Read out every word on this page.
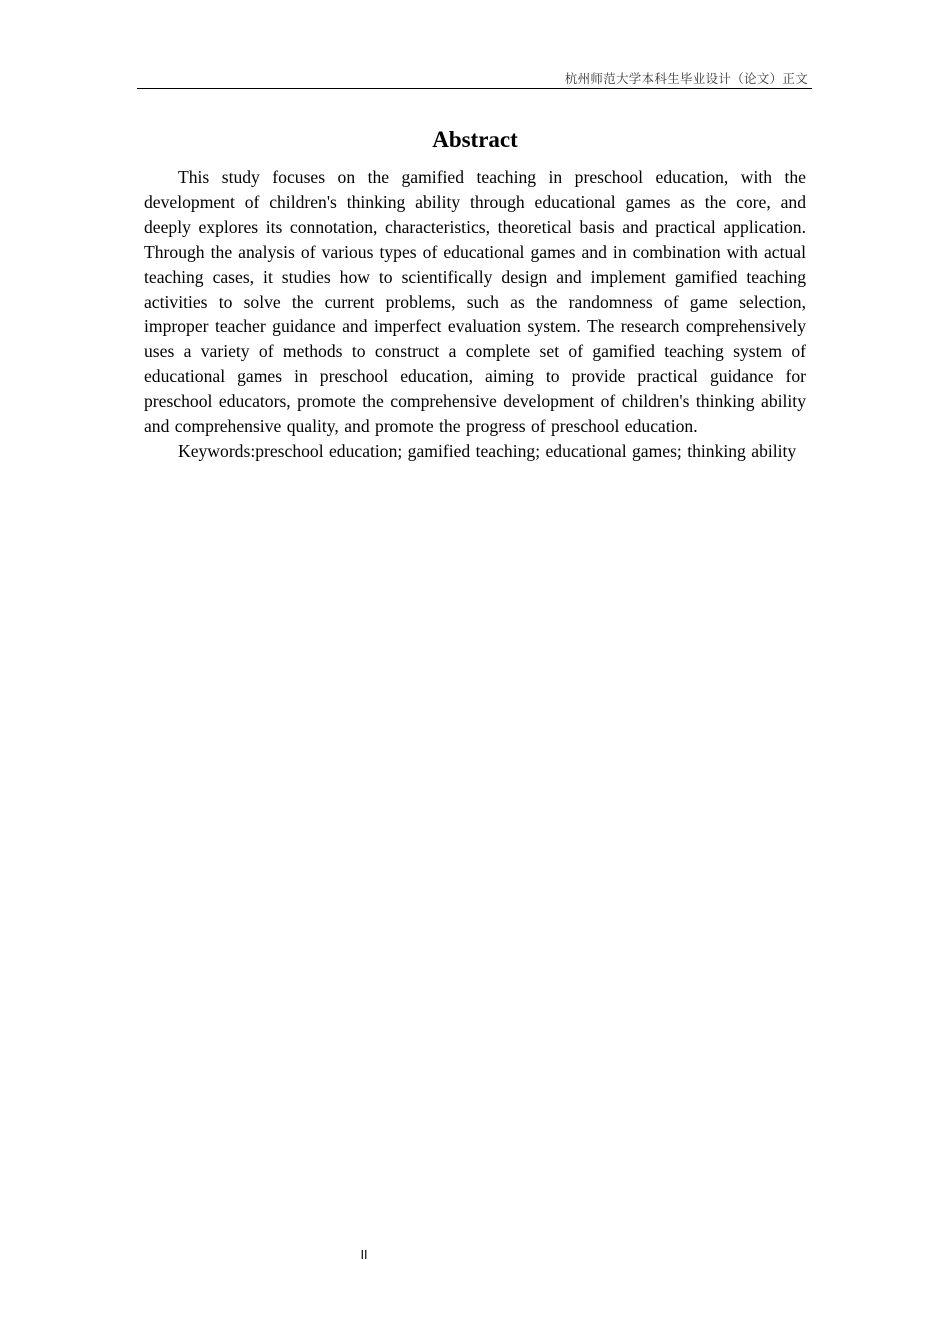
杭州师范大学本科生毕业设计（论文）正文
Abstract

This study focuses on the gamified teaching in preschool education, with the development of children's thinking ability through educational games as the core, and deeply explores its connotation, characteristics, theoretical basis and practical application. Through the analysis of various types of educational games and in combination with actual teaching cases, it studies how to scientifically design and implement gamified teaching activities to solve the current problems, such as the randomness of game selection, improper teacher guidance and imperfect evaluation system. The research comprehensively uses a variety of methods to construct a complete set of gamified teaching system of educational games in preschool education, aiming to provide practical guidance for preschool educators, promote the comprehensive development of children's thinking ability and comprehensive quality, and promote the progress of preschool education.

Keywords:preschool education; gamified teaching; educational games; thinking ability

II
